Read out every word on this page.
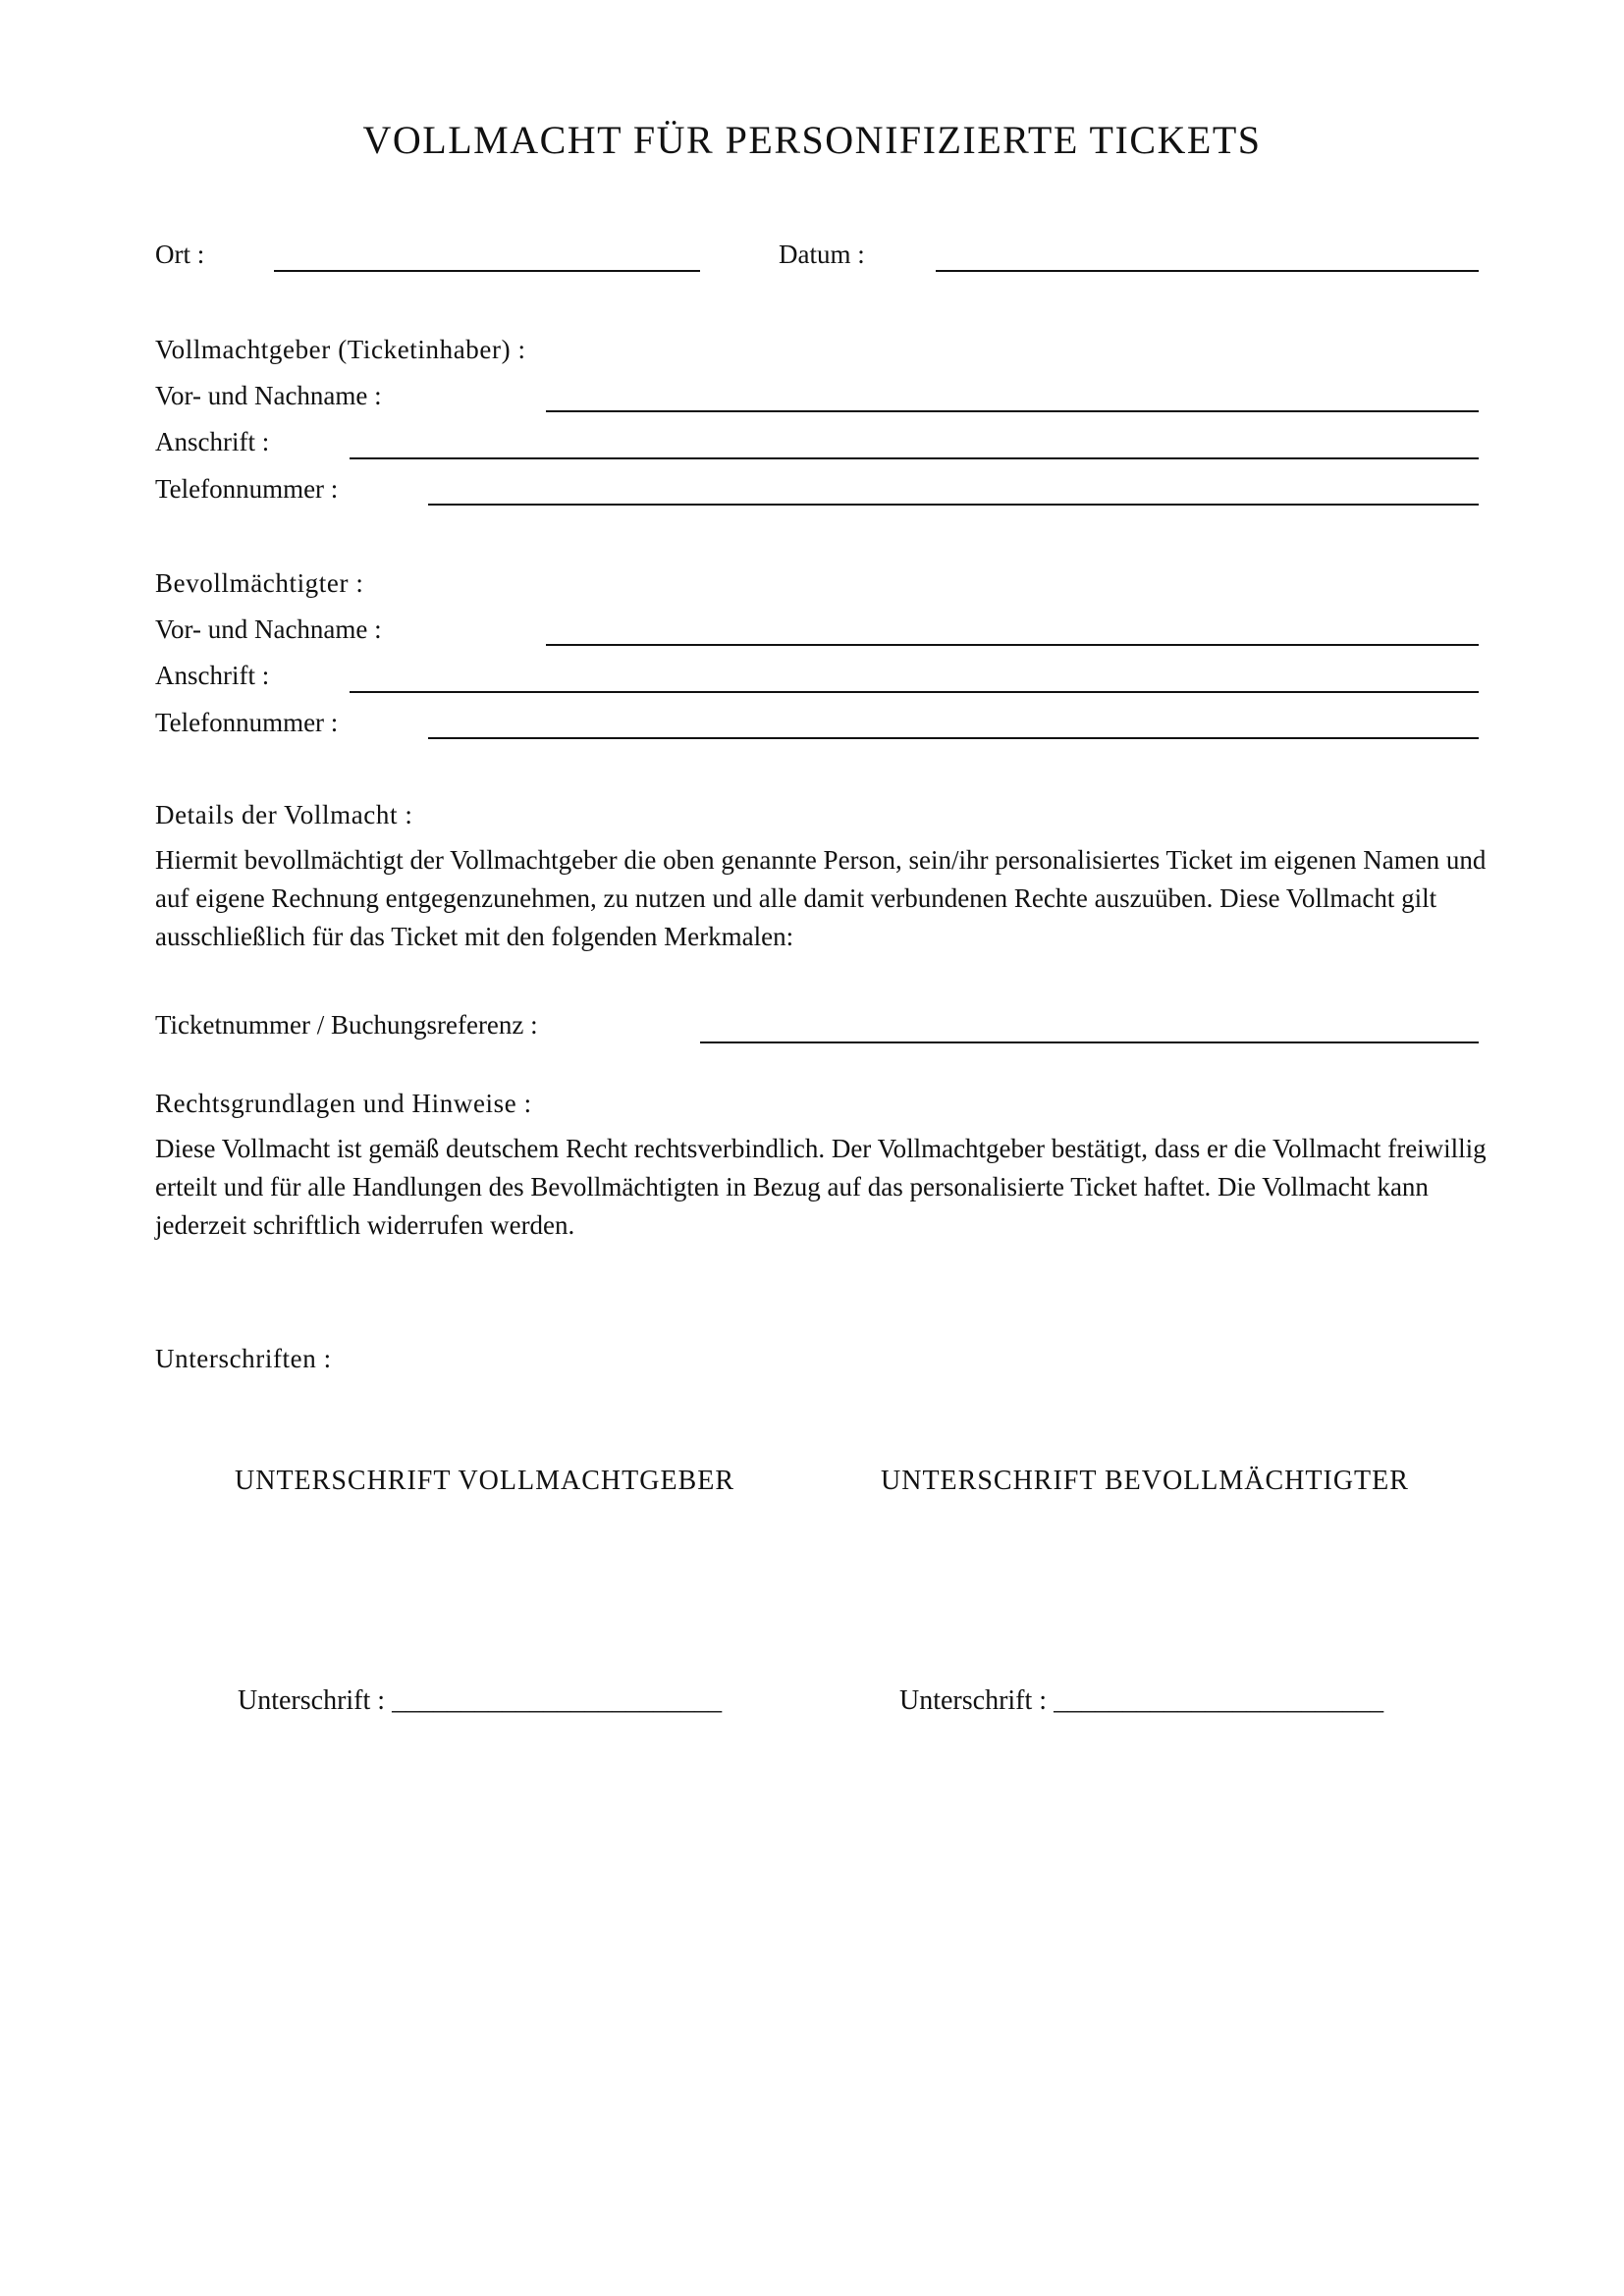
VOLLMACHT FÜR PERSONIFIZIERTE TICKETS
Ort :	Datum :
Vollmachtgeber (Ticketinhaber) :
Vor- und Nachname :
Anschrift :
Telefonnummer :
Bevollmächtigter :
Vor- und Nachname :
Anschrift :
Telefonnummer :
Details der Vollmacht :
Hiermit bevollmächtigt der Vollmachtgeber die oben genannte Person, sein/ihr personalisiertes Ticket im eigenen Namen und auf eigene Rechnung entgegenzunehmen, zu nutzen und alle damit verbundenen Rechte auszuüben. Diese Vollmacht gilt ausschließlich für das Ticket mit den folgenden Merkmalen:
Ticketnummer / Buchungsreferenz :
Rechtsgrundlagen und Hinweise :
Diese Vollmacht ist gemäß deutschem Recht rechtsverbindlich. Der Vollmachtgeber bestätigt, dass er die Vollmacht freiwillig erteilt und für alle Handlungen des Bevollmächtigten in Bezug auf das personalisierte Ticket haftet. Die Vollmacht kann jederzeit schriftlich widerrufen werden.
Unterschriften :
UNTERSCHRIFT VOLLMACHTGEBER	UNTERSCHRIFT BEVOLLMÄCHTIGTER
Unterschrift : ________________________	Unterschrift : ________________________
